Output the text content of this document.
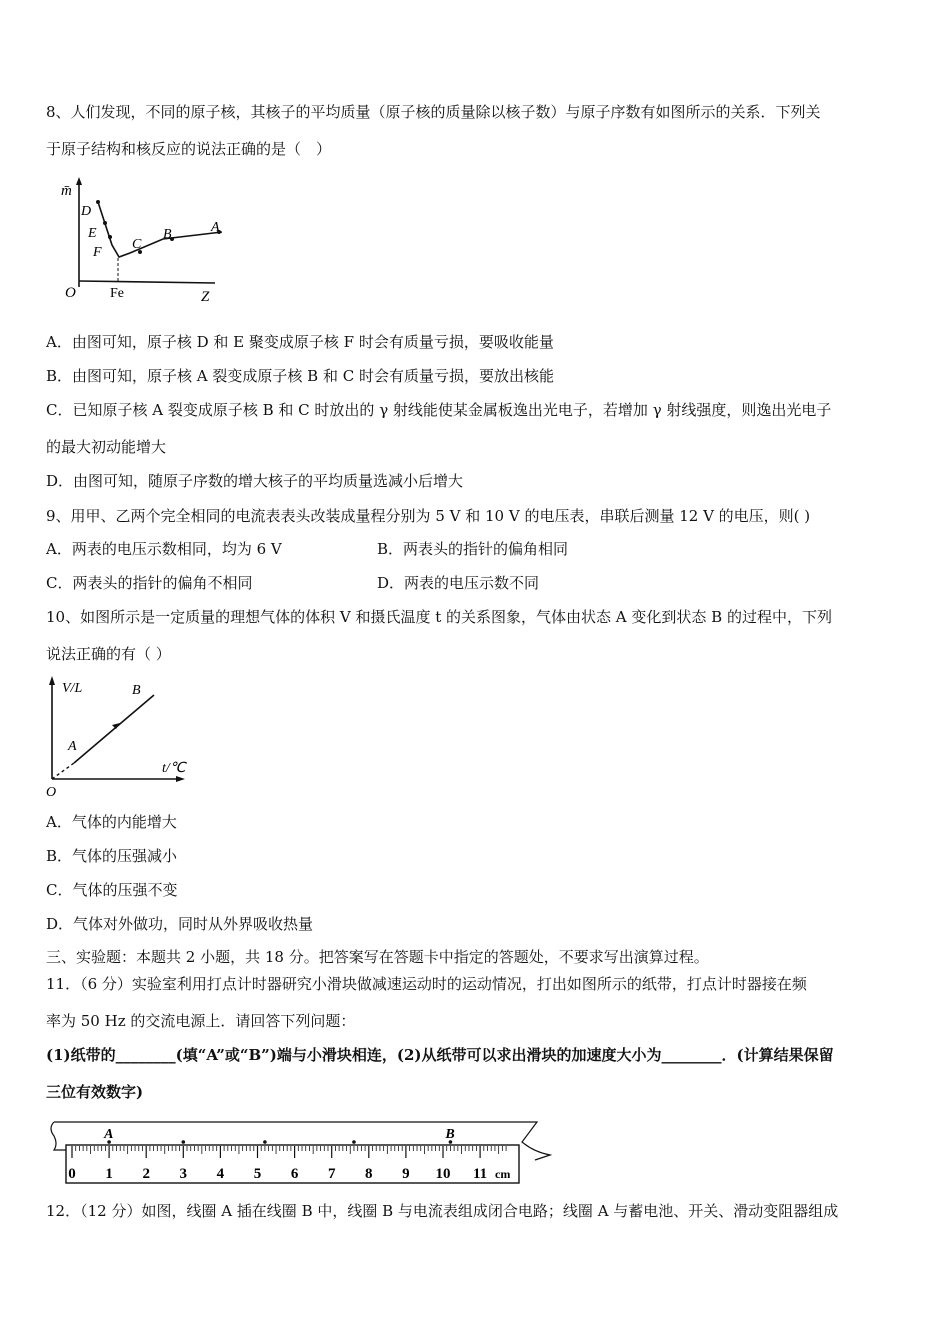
8、人们发现，不同的原子核，其核子的平均质量（原子核的质量除以核子数）与原子序数有如图所示的关系．下列关
于原子结构和核反应的说法正确的是（　）
m̄
D
E
F
C
B	A
O Fe	Z
A．由图可知，原子核 D 和 E 聚变成原子核 F 时会有质量亏损，要吸收能量
B．由图可知，原子核 A 裂变成原子核 B 和 C 时会有质量亏损，要放出核能
C．已知原子核 A 裂变成原子核 B 和 C 时放出的 γ 射线能使某金属板逸出光电子，若增加 γ 射线强度，则逸出光电子
的最大初动能增大
D．由图可知，随原子序数的增大核子的平均质量选减小后增大
9、用甲、乙两个完全相同的电流表表头改装成量程分别为 5 V 和 10 V 的电压表，串联后测量 12 V 的电压，则( )
A．两表的电压示数相同，均为 6 V	B．两表头的指针的偏角相同
C．两表头的指针的偏角不相同	D．两表的电压示数不同
10、如图所示是一定质量的理想气体的体积 V 和摄氏温度 t 的关系图象，气体由状态 A 变化到状态 B 的过程中，下列
说法正确的有（ ）
V/L	B
A
t/℃
O
A．气体的内能增大
B．气体的压强减小
C．气体的压强不变
D．气体对外做功，同时从外界吸收热量
三、实验题：本题共 2 小题，共 18 分。把答案写在答题卡中指定的答题处，不要求写出演算过程。
11．（6 分）实验室利用打点计时器研究小滑块做减速运动时的运动情况，打出如图所示的纸带，打点计时器接在频
率为 50 Hz 的交流电源上．请回答下列问题：
(1)纸带的________(填“A”或“B”)端与小滑块相连，(2)从纸带可以求出滑块的加速度大小为________．(计算结果保留
三位有效数字)
0 1 2 3 4 5 6 7 8 9 10 11
A	B
cm
12．（12 分）如图，线圈 A 插在线圈 B 中，线圈 B 与电流表组成闭合电路；线圈 A 与蓄电池、开关、滑动变阻器组成
